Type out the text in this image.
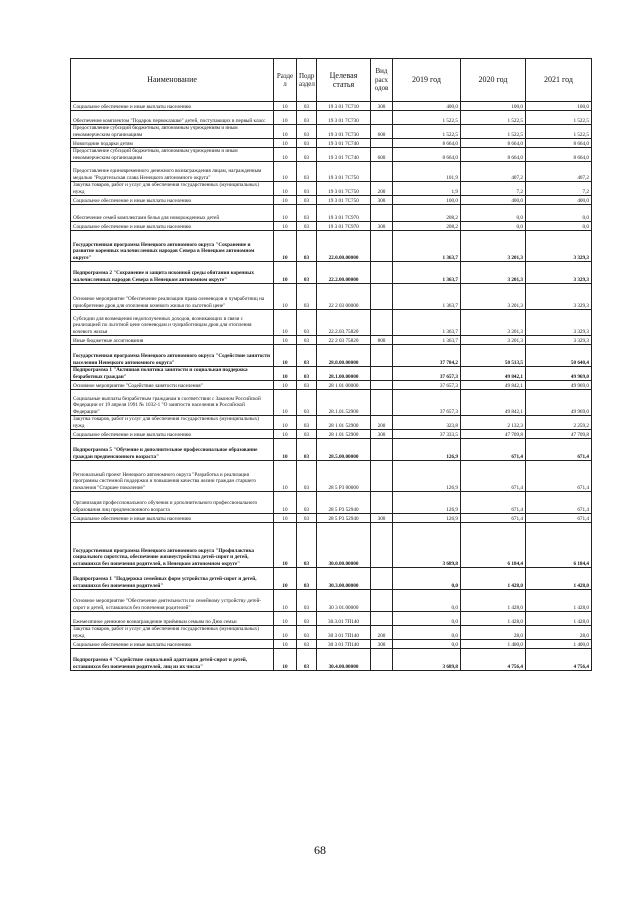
Наименование	Разде л	Подр аздел	Целевая статья	Вид расх одов	2019 год	2020 год	2021 год
Социальное обеспечение и иные выплаты населению	10	03	19 3 01 7С710	300	400,0	100,0	100,0
Обеспечение комплектом "Подарок первоклашке" детей, поступающих в первый класс	10	03	19 3 01 7С730		1 522,5	1 522,5	1 522,5
Предоставление субсидий бюджетным, автономным учреждениям и иным некоммерческим организациям	10	03	19 3 01 7С730	600	1 522,5	1 522,5	1 522,5
Новогодние подарки детям	10	03	19 3 01 7С740		8 664,0	8 664,0	8 664,0
Предоставление субсидий бюджетным, автономным учреждениям и иным некоммерческим организациям	10	03	19 3 01 7С740	600	8 664,0	8 664,0	8 664,0
Предоставление единовременного денежного вознаграждения лицам, награжденным медалью "Родительская слава Ненецкого автономного округа"	10	03	19 3 01 7С750		101,9	407,2	407,2
Закупка товаров, работ и услуг для обеспечения государственных (муниципальных) нужд	10	03	19 3 01 7С750	200	1,9	7,2	7,2
Социальное обеспечение и иные выплаты населению	10	03	19 3 01 7С750	300	100,0	400,0	400,0
Обеспечение семей комплектами белья для новорожденных детей	10	03	19 3 01 7С970		208,2	0,0	0,0
Социальное обеспечение и иные выплаты населению	10	03	19 3 01 7С970	300	208,2	0,0	0,0
Государственная программа Ненецкого автономного округа "Сохранение и развитие коренных малочисленных народов Севера в Ненецком автономном округе"	10	03	22.0.00.00000		1 363,7	3 201,3	3 329,3
Подпрограмма 2 "Сохранение и защита исконной среды обитания коренных малочисленных народов Севера в Ненецком автономном округе"	10	03	22.2.00.00000		1 363,7	3 201,3	3 329,3
Основное мероприятие "Обеспечение реализации права оленеводов и чумработниц на приобретение дров для отопления кочевого жилья по льготной цене"	10	03	22 2 03 00000		1 363,7	3 201,3	3 329,3
Субсидии для возмещения недополученных доходов, возникающих в связи с реализацией по льготной цене оленеводам и чумработницам дров для отопления кочевого жилья	10	03	22.2.03.75820		1 363,7	3 201,3	3 329,3
Иные бюджетные ассигнования	10	03	22 2 03 75820	800	1 363,7	3 201,3	3 329,3
Государственная программа Ненецкого автономного округа "Содействие занятости населения Ненецкого автономного округа"	10	03	28.0.00.00000		37 784,2	50 513,5	50 640,4
Подпрограмма 1 "Активная политика занятости и социальная поддержка безработных граждан"	10	03	28.1.00.00000		37 657,3	49 842,1	49 969,0
Основное мероприятие "Содействие занятости населения"	10	03	28 1 01 00000		37 657,3	49 842,1	49 969,0
Социальные выплаты безработным гражданам в соответствии с Законом Российской Федерации от 19 апреля 1991 № 1032-1 "О занятости населения в Российской Федерации"	10	03	28.1.01.52900		37 657,3	49 842,1	49 969,0
Закупка товаров, работ и услуг для обеспечения государственных (муниципальных) нужд	10	03	28 1 01 52900	200	323,8	2 132,3	2 259,2
Социальное обеспечение и иные выплаты населению	10	03	28 1 01 52900	300	37 333,5	47 709,8	47 709,8
Подпрограмма 5 "Обучение и дополнительное профессиональное образование граждан предпенсионного возраста"	10	03	28.5.00.00000		126,9	671,4	671,4
Региональный проект Ненецкого автономного округа "Разработка и реализация программы системной поддержки и повышения качества жизни граждан старшего поколения "Старшее поколение"	10	03	28 5 Р3 00000		126,9	671,4	671,4
Организация профессионального обучения и дополнительного профессионального образования лиц предпенсионного возраста	10	03	28 5 Р3 52940		126,9	671,4	671,4
Социальное обеспечение и иные выплаты населению	10	03	28 5 Р3 52940	300	126,9	671,4	671,4
Государственная программа Ненецкого автономного округа "Профилактика социального сиротства, обеспечение жизнеустройства детей-сирот и детей, оставшихся без попечения родителей, в Ненецком автономном округе"	10	03	30.0.00.00000		3 689,8	6 184,4	6 184,4
Подпрограмма 1 "Поддержка семейных форм устройства детей-сирот и детей, оставшихся без попечения родителей"	10	03	30.3.00.00000		0,0	1 428,0	1 428,0
Основное мероприятие "Обеспечение деятельности по семейному устройству детей-сирот и детей, оставшихся без попечения родителей"	10	03	30 3 01.00000		0,0	1 428,0	1 428,0
Ежемесячное денежное вознаграждение приёмным семьям по Дню семьи	10	03	30.3.01 7П140		0,0	1 428,0	1 428,0
Закупка товаров, работ и услуг для обеспечения государственных (муниципальных) нужд	10	03	30 3 01 7П140	200	0,0	28,0	28,0
Социальное обеспечение и иные выплаты населению	10	03	30 3 01 7П140	300	0,0	1 400,0	1 400,0
Подпрограмма 4 "Содействие социальной адаптации детей-сирот и детей, оставшихся без попечения родителей, лиц из их числа"	10	03	30.4.00.00000		3 689,8	4 756,4	4 756,4
68
